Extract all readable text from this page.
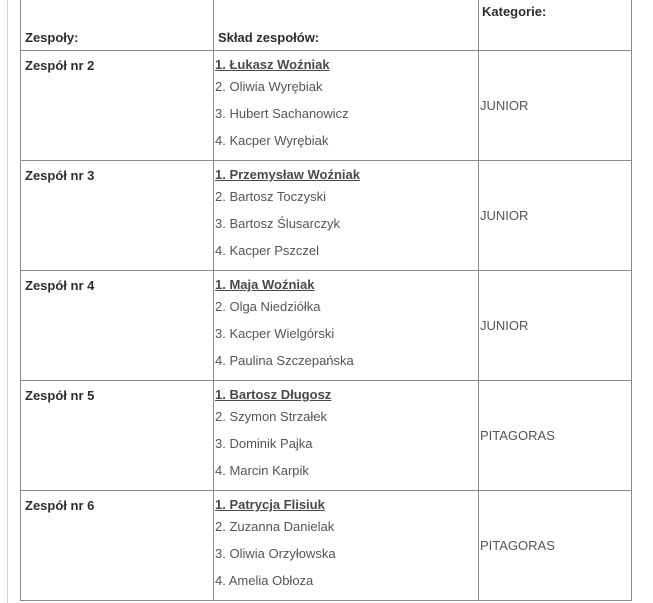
Zespoły:	Skład zespołów:	Kategorie:

Zespół nr 2	1. Łukasz Woźniak
2. Oliwia Wyrębiak
3. Hubert Sachanowicz
4. Kacper Wyrębiak	JUNIOR

Zespół nr 3	1. Przemysław Woźniak
2. Bartosz Toczyski
3. Bartosz Ślusarczyk
4. Kacper Pszczel	JUNIOR

Zespół nr 4	1. Maja Woźniak
2. Olga Niedziółka
3. Kacper Wielgórski
4. Paulina Szczepańska	JUNIOR

Zespół nr 5	1. Bartosz Długosz
2. Szymon Strzałek
3. Dominik Pajka
4. Marcin Karpik	PITAGORAS

Zespół nr 6	1. Patrycja Flisiuk
2. Zuzanna Danielak
3. Oliwia Orzyłowska
4. Amelia Obłoza	PITAGORAS
